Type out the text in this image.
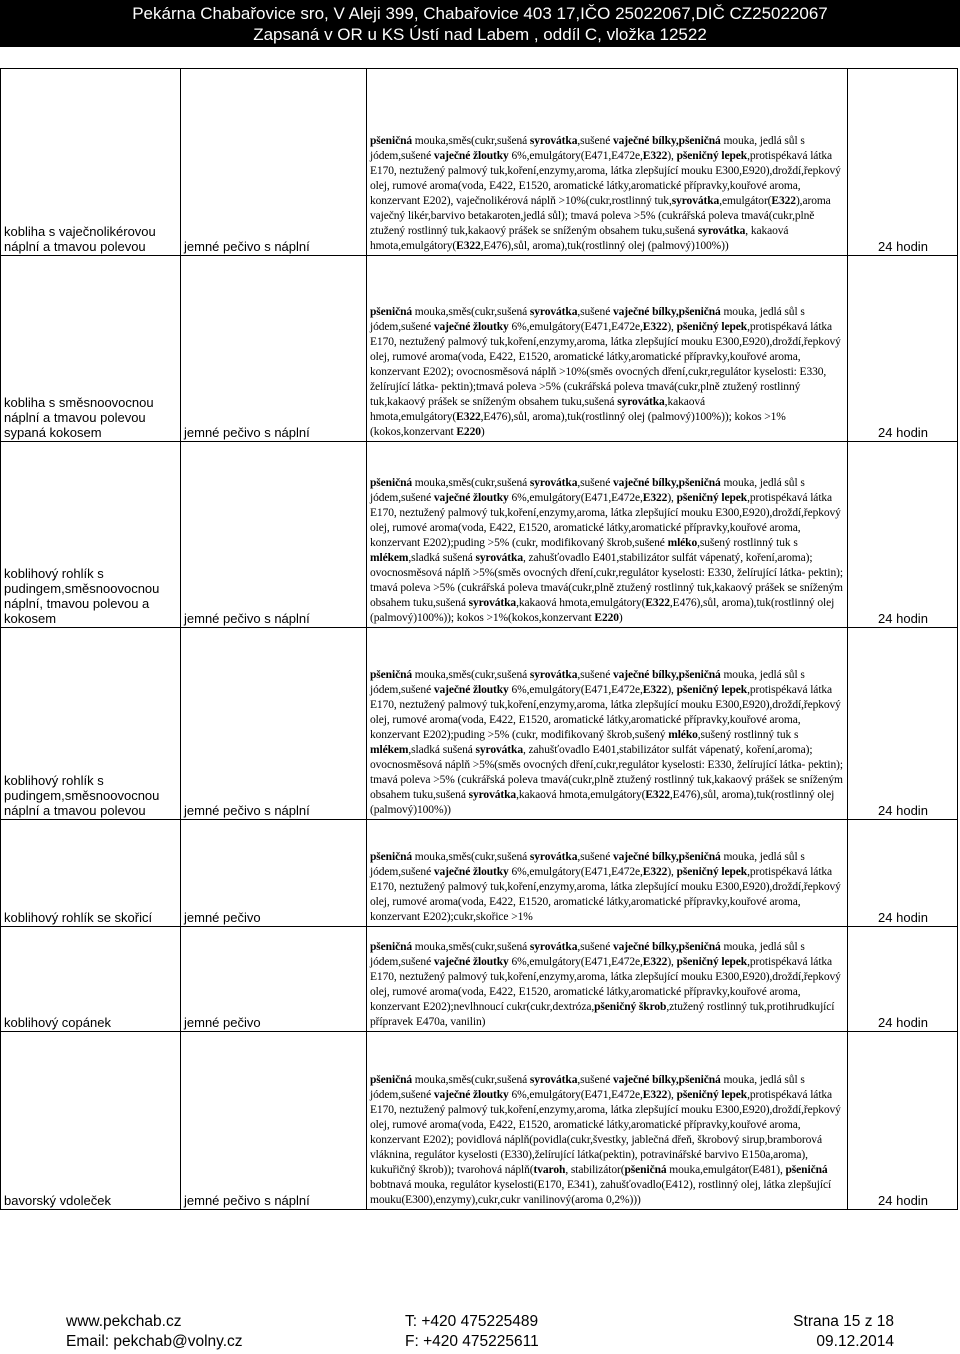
Pekárna Chabařovice sro, V Aleji 399, Chabařovice 403 17,IČO 25022067,DIČ CZ25022067
Zapsaná v OR u KS Ústí nad Labem , oddíl C, vložka 12522
kobliha s vaječnolikérovou náplní a tmavou polevou	jemné pečivo s náplní	pšeničná mouka,směs(cukr,sušená syrovátka,sušené vaječné bílky,pšeničná mouka, jedlá sůl s jódem,sušené vaječné žloutky 6%,emulgátory(E471,E472e,E322), pšeničný lepek,protispékavá látka E170, neztužený palmový tuk,koření,enzymy,aroma, látka zlepšující mouku E300,E920),droždí,řepkový olej, rumové aroma(voda, E422, E1520, aromatické látky,aromatické přípravky,kouřové aroma, konzervant E202), vaječnolikérová náplň >10%(cukr,rostlinný tuk,syrovátka,emulgátor(E322),aroma vaječný likér,barvivo betakaroten,jedlá sůl); tmavá poleva >5% (cukrářská poleva tmavá(cukr,plně ztužený rostlinný tuk,kakaový prášek se sníženým obsahem tuku,sušená syrovátka, kakaová hmota,emulgátory(E322,E476),sůl, aroma),tuk(rostlinný olej (palmový)100%))	24 hodin
kobliha s směsnoovocnou náplní a tmavou polevou sypaná kokosem	jemné pečivo s náplní	pšeničná mouka,směs(cukr,sušená syrovátka,sušené vaječné bílky,pšeničná mouka, jedlá sůl s jódem,sušené vaječné žloutky 6%,emulgátory(E471,E472e,E322), pšeničný lepek,protispékavá látka E170, neztužený palmový tuk,koření,enzymy,aroma, látka zlepšující mouku E300,E920),droždí,řepkový olej, rumové aroma(voda, E422, E1520, aromatické látky,aromatické přípravky,kouřové aroma, konzervant E202); ovocnosměsová náplň >10%(směs ovocných dření,cukr,regulátor kyselosti: E330, želírující látka- pektin);tmavá poleva >5% (cukrářská poleva tmavá(cukr,plně ztužený rostlinný tuk,kakaový prášek se sníženým obsahem tuku,sušená syrovátka,kakaová hmota,emulgátory(E322,E476),sůl, aroma),tuk(rostlinný olej (palmový)100%)); kokos >1%(kokos,konzervant E220)	24 hodin
koblihový rohlík s pudingem,směsnoovocnou náplní, tmavou polevou a kokosem	jemné pečivo s náplní	pšeničná mouka,směs(cukr,sušená syrovátka,sušené vaječné bílky,pšeničná mouka, jedlá sůl s jódem,sušené vaječné žloutky 6%,emulgátory(E471,E472e,E322), pšeničný lepek,protispékavá látka E170, neztužený palmový tuk,koření,enzymy,aroma, látka zlepšující mouku E300,E920),droždí,řepkový olej, rumové aroma(voda, E422, E1520, aromatické látky,aromatické přípravky,kouřové aroma, konzervant E202);puding >5% (cukr, modifikovaný škrob,sušené mléko,sušený rostlinný tuk s mlékem,sladká sušená syrovátka, zahušťovadlo E401,stabilizátor sulfát vápenatý, koření,aroma); ovocnosměsová náplň >5%(směs ovocných dření,cukr,regulátor kyselosti: E330, želírující látka- pektin); tmavá poleva >5% (cukrářská poleva tmavá(cukr,plně ztužený rostlinný tuk,kakaový prášek se sníženým obsahem tuku,sušená syrovátka,kakaová hmota,emulgátory(E322,E476),sůl, aroma),tuk(rostlinný olej (palmový)100%)); kokos >1%(kokos,konzervant E220)	24 hodin
koblihový rohlík s pudingem,směsnoovocnou náplní a tmavou polevou	jemné pečivo s náplní	pšeničná mouka,směs(cukr,sušená syrovátka,sušené vaječné bílky,pšeničná mouka, jedlá sůl s jódem,sušené vaječné žloutky 6%,emulgátory(E471,E472e,E322), pšeničný lepek,protispékavá látka E170, neztužený palmový tuk,koření,enzymy,aroma, látka zlepšující mouku E300,E920),droždí,řepkový olej, rumové aroma(voda, E422, E1520, aromatické látky,aromatické přípravky,kouřové aroma, konzervant E202);puding >5% (cukr, modifikovaný škrob,sušený mléko,sušený rostlinný tuk s mlékem,sladká sušená syrovátka, zahušťovadlo E401,stabilizátor sulfát vápenatý, koření,aroma); ovocnosměsová náplň >5%(směs ovocných dření,cukr,regulátor kyselosti: E330, želírující látka- pektin); tmavá poleva >5% (cukrářská poleva tmavá(cukr,plně ztužený rostlinný tuk,kakaový prášek se sníženým obsahem tuku,sušená syrovátka,kakaová hmota,emulgátory(E322,E476),sůl, aroma),tuk(rostlinný olej (palmový)100%))	24 hodin
koblihový rohlík se skořicí	jemné pečivo	pšeničná mouka,směs(cukr,sušená syrovátka,sušené vaječné bílky,pšeničná mouka, jedlá sůl s jódem,sušené vaječné žloutky 6%,emulgátory(E471,E472e,E322), pšeničný lepek,protispékavá látka E170, neztužený palmový tuk,koření,enzymy,aroma, látka zlepšující mouku E300,E920),droždí,řepkový olej, rumové aroma(voda, E422, E1520, aromatické látky,aromatické přípravky,kouřové aroma, konzervant E202);cukr,skořice >1%	24 hodin
koblihový copánek	jemné pečivo	pšeničná mouka,směs(cukr,sušená syrovátka,sušené vaječné bílky,pšeničná mouka, jedlá sůl s jódem,sušené vaječné žloutky 6%,emulgátory(E471,E472e,E322), pšeničný lepek,protispékavá látka E170, neztužený palmový tuk,koření,enzymy,aroma, látka zlepšující mouku E300,E920),droždí,řepkový olej, rumové aroma(voda, E422, E1520, aromatické látky,aromatické přípravky,kouřové aroma, konzervant E202);nevlhnoucí cukr(cukr,dextróza,pšeničný škrob,ztužený rostlinný tuk,protihrudkující přípravek E470a, vanilin)	24 hodin
bavorský vdoleček	jemné pečivo s náplní	pšeničná mouka,směs(cukr,sušená syrovátka,sušené vaječné bílky,pšeničná mouka, jedlá sůl s jódem,sušené vaječné žloutky 6%,emulgátory(E471,E472e,E322), pšeničný lepek,protispékavá látka E170, neztužený palmový tuk,koření,enzymy,aroma, látka zlepšující mouku E300,E920),droždí,řepkový olej, rumové aroma(voda, E422, E1520, aromatické látky,aromatické přípravky,kouřové aroma, konzervant E202); povidlová náplň(povidla(cukr,švestky, jablečná dřeň, škrobový sirup,bramborová vláknina, regulátor kyselosti (E330),želírující látka(pektin), potravinářské barvivo E150a,aroma), kukuřičný škrob)); tvarohová náplň(tvaroh, stabilizátor(pšeničná mouka,emulgátor(E481), pšeničná bobtnavá mouka, regulátor kyselosti(E170, E341), zahušťovadlo(E412), rostlinný olej, látka zlepšující mouku(E300),enzymy),cukr,cukr vanilinový(aroma 0,2%)))	24 hodin
www.pekchab.cz
Email: pekchab@volny.cz
T: +420 475225489
F: +420 475225611
Strana 15 z 18
09.12.2014
